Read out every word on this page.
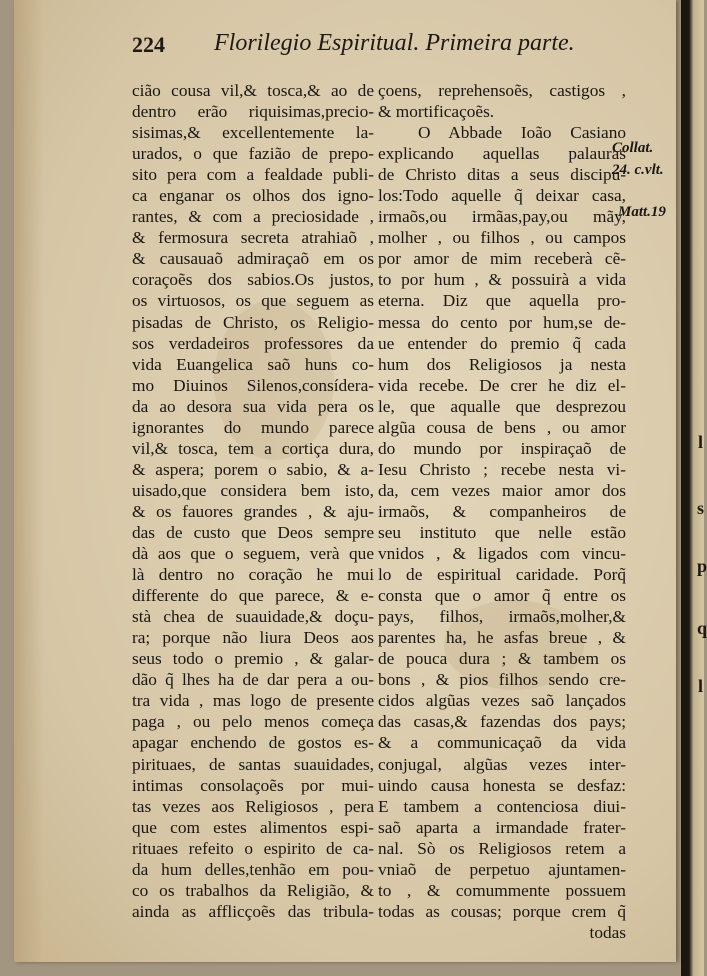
l
s
p
q
l
224 Florilegio Espiritual. Primeira parte.
cião cousa vil,& tosca,& ao de
dentro erão riquisimas,precio-
sisimas,& excellentemente la-
urados, o que fazião de prepo-
sito pera com a fealdade publi-
ca enganar os olhos dos igno-
rantes, & com a preciosidade ,
& fermosura secreta atrahiaõ ,
& causauaõ admiraçaõ em os
coraçoẽs dos sabios.Os justos,
os virtuosos, os que seguem as
pisadas de Christo, os Religio-
sos verdadeiros professores da
vida Euangelica saõ huns co-
mo Diuinos Silenos,consídera-
da ao desora sua vida pera os
ignorantes do mundo parece
vil,& tosca, tem a cortiça dura,
& aspera; porem o sabio, & a-
uisado,que considera bem isto,
& os fauores grandes , & aju-
das de custo que Deos sempre
dà aos que o seguem, verà que
là dentro no coração he mui
differente do que parece, & e-
stà chea de suauidade,& doçu-
ra; porque não liura Deos aos
seus todo o premio , & galar-
dão q̃ lhes ha de dar pera a ou-
tra vida , mas logo de presente
paga , ou pelo menos começa
apagar enchendo de gostos es-
pirituaes, de santas suauidades,
intimas consolaçoẽs por mui-
tas vezes aos Religiosos , pera
que com estes alimentos espi-
rituaes refeito o espirito de ca-
da hum delles,tenhão em pou-
co os trabalhos da Religião, &
ainda as afflicçoẽs das tribula-
çoens, reprehensoẽs, castigos ,
& mortificaçoẽs.
O Abbade Ioão Casiano
explicando aquellas palauras
de Christo ditas a seus discipu-
los:Todo aquelle q̃ deixar casa,
irmaõs,ou irmãas,pay,ou mãy,
molher , ou filhos , ou campos
por amor de mim receberà cẽ-
to por hum , & possuirà a vida
eterna. Diz que aquella pro-
messa do cento por hum,se de-
ue entender do premio q̃ cada
hum dos Religiosos ja nesta
vida recebe. De crer he diz el-
le, que aqualle que desprezou
algũa cousa de bens , ou amor
do mundo por inspiraçaõ de
Iesu Christo ; recebe nesta vi-
da, cem vezes maior amor dos
irmaõs, & companheiros de
seu instituto que nelle estão
vnidos , & ligados com vincu-
lo de espiritual caridade. Porq̃
consta que o amor q̃ entre os
pays, filhos, irmaõs,molher,&
parentes ha, he asfas breue , &
de pouca dura ; & tambem os
bons , & pios filhos sendo cre-
cidos algũas vezes saõ lançados
das casas,& fazendas dos pays;
& a communicaçaõ da vida
conjugal, algũas vezes inter-
uindo causa honesta se desfaz:
E tambem a contenciosa diui-
saõ aparta a irmandade frater-
nal. Sò os Religiosos retem a
vniaõ de perpetuo ajuntamen-
to , & comummente possuem
todas as cousas; porque crem q̃
todas
Collat.
24. c.vlt.
Matt.19
